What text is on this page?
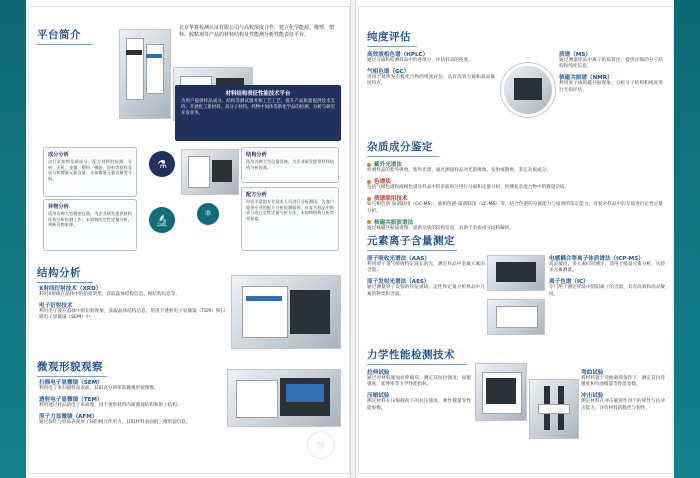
平台简介
北京华算检测认证有限公司与高校深度合作，建立化学能源、橡塑、塑料、胶粘剂等产品的材料结构及性能测分析性能表征平台。
材料结构表征性能技术平台
为用户提供样品成分、结构等测试服务和工艺工艺、提升产品质量提供技术支持、开展化工新材料、高分子材料、药物中间体等新化学品的检测、分析与研究开发业务。
成分分析
进行未知物及新成分、配方材料的检测、分析、无机、金属、塑料、橡胶、涂料等原料及成分和微量元素含量、未知微量元素含量等分析。
结构分析
选用各种大型仪器设备，为企业研发提供材料结构分析检测。
异物分析
适用各种大型精密仪器，为企业研发提供材料结构分析检测工作；未知物的定性定量分析，判断异物来源。
配方分析
经验丰富的专业技术人员进行分析测试，为客户提供专业的配方分析检测服务。对复合样品中的成分进行定性定量分析方法，未知物结构分析等项检索。
⚗
🔬	⚛
结构分析
X射线衍射技术（XRD）
利用X射线在晶体中的衍射效果，获取晶体结构信息、相结构信息等。
电子衍射技术
利用电子波在晶体中的衍射现象，获取晶体结构信息，常用于透射电子显微镜（TEM）和扫描电子显微镜（SEM）中。
微观形貌观察
扫描电子显微镜（SEM）
利用电子束扫描样品表面，获取高分辨率的微观形貌图像。
透射电子显微镜（TEM）
利用透过样品的电子束成像，用于观察材料内部微观结构和原子结构。
原子力显微镜（AFM）
通过探针与样品表面原子间的相互作用力，获取材料表面的三维形貌信息。
华
纯度评估
高效液相色谱（HPLC）
通过分离和检测样品中的各组分，评估样品的纯度。
气相色谱（GC）
适用于易挥发有机化合物的纯度评估，具有高效分离和高灵敏度特点。
质谱（MS）
通过测量样品中离子的质荷比，提供详细的分子结构和纯度信息。
核磁共振谱（NMR）
利用原子核的磁共振现象，分析分子结构和纯度进行无损评估。
杂质成分鉴定
紫外光谱法
检测样品的紫外吸收、紫外光谱、通过测量样品对光的吸收、发射或散射，鉴定杂质成分。
色谱法
包括气相色谱和液相色谱及样品中的杂质组分进行分离和定量分析，检测复杂混合物中的微量杂质。
质谱联用技术
如气相色谱-质谱联用（GC-MS）、液相色谱-质谱联用（LC-MS）等，结合色谱的分离能力与质谱的鉴定能力，对复杂样品中的杂质进行定性定量分析。
核磁共振波谱法
通过核磁共振波谱图，提供杂质的结构信息，有助于杂质成分结构解析。
元素离子含量测定
原子吸收光谱法（AAS）
利用原子蒸气吸收特定波长的光，测定样品中金属元素的含量。
原子发射光谱法（AES）
通过测量原子发射的特征谱线，定性和定量分析样品中元素的种类和含量。
电感耦合等离子体质谱法（ICP-MS）
高灵敏度、多元素同时测定，适用于痕量元素分析，实验多元素测量。
离子色谱（IC）
专门用于测定样品中阴阳离子的含量，具有高效和高灵敏度。
力学性能检测技术
拉伸试验
通过对材料施加拉伸载荷，测定其抗拉强度、屈服强度、延伸率等力学性能指标。
压缩试验
测定材料在压缩载荷下的抗压强度、弹性模量等性能参数。
弯曲试验
将材料置于弯曲载荷条件下，测定其抗弯强度和弯曲模量等性能参数。
冲击试验
测定材料在冲击载荷作用下的韧性与抗冲击能力，评价材料的脆性与韧性。
